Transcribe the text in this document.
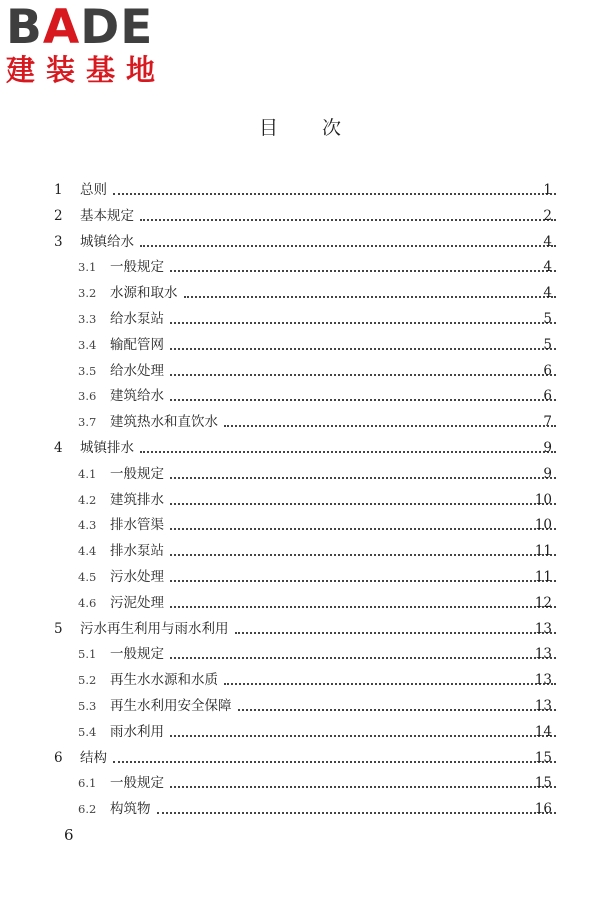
BADE
建装基地
目次
1 总则	1
2 基本规定	2
3 城镇给水	4
3.1 一般规定	4
3.2 水源和取水	4
3.3 给水泵站	5
3.4 输配管网	5
3.5 给水处理	6
3.6 建筑给水	6
3.7 建筑热水和直饮水	7
4 城镇排水	9
4.1 一般规定	9
4.2 建筑排水	10
4.3 排水管渠	10
4.4 排水泵站	11
4.5 污水处理	11
4.6 污泥处理	12
5 污水再生利用与雨水利用	13
5.1 一般规定	13
5.2 再生水水源和水质	13
5.3 再生水利用安全保障	13
5.4 雨水利用	14
6 结构	15
6.1 一般规定	15
6.2 构筑物	16
6
